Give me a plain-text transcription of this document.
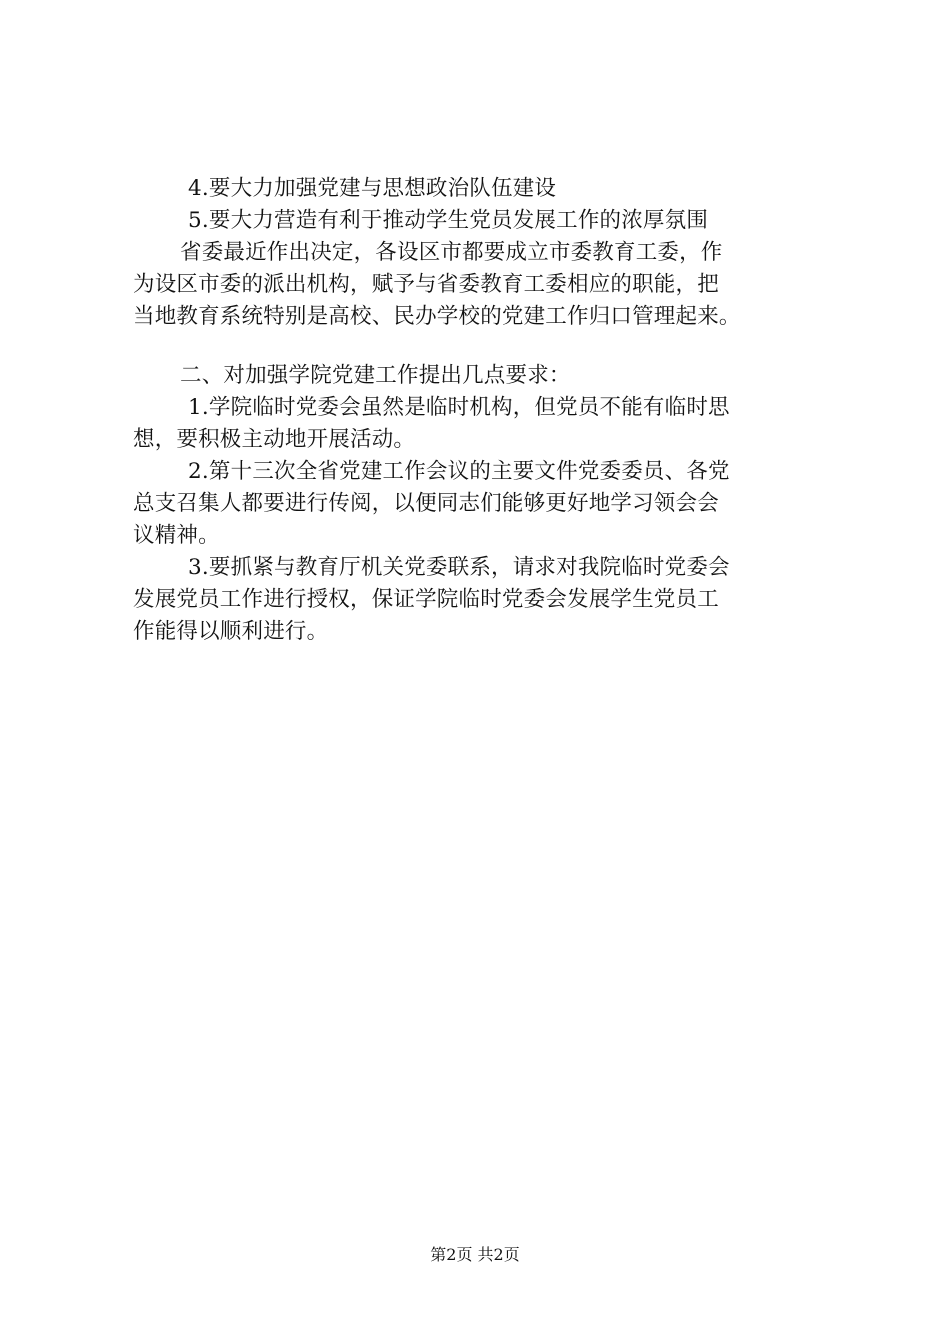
4.要大力加强党建与思想政治队伍建设
5.要大力营造有利于推动学生党员发展工作的浓厚氛围
省委最近作出决定，各设区市都要成立市委教育工委，作
为设区市委的派出机构，赋予与省委教育工委相应的职能，把
当地教育系统特别是高校、民办学校的党建工作归口管理起来。
二、对加强学院党建工作提出几点要求：
1.学院临时党委会虽然是临时机构，但党员不能有临时思
想，要积极主动地开展活动。
2.第十三次全省党建工作会议的主要文件党委委员、各党
总支召集人都要进行传阅，以便同志们能够更好地学习领会会
议精神。
3.要抓紧与教育厅机关党委联系，请求对我院临时党委会
发展党员工作进行授权，保证学院临时党委会发展学生党员工
作能得以顺利进行。
第2页 共2页
